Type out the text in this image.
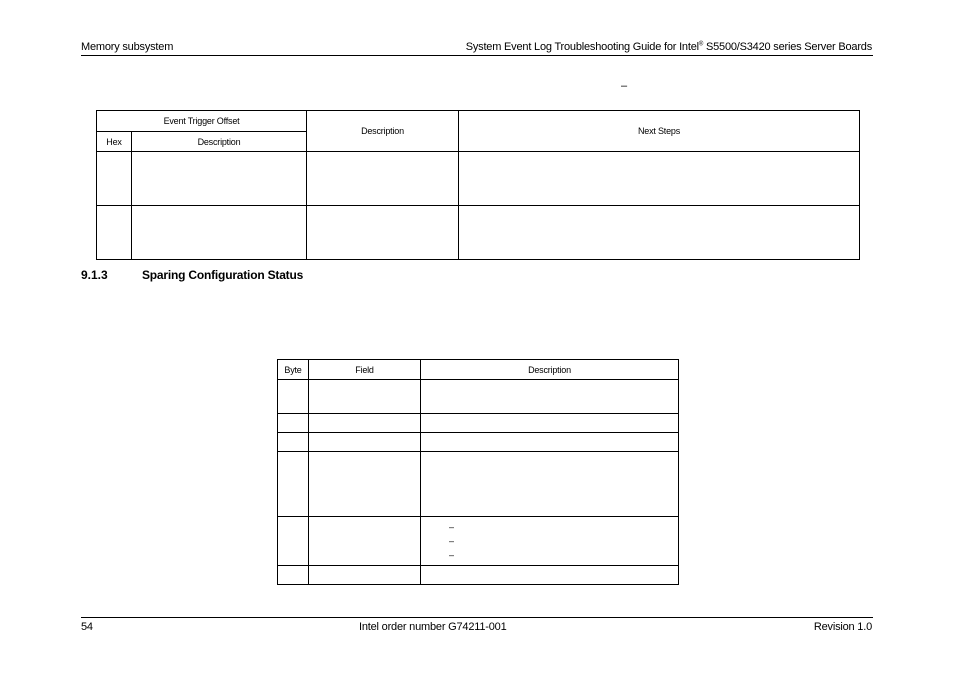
Memory subsystem	System Event Log Troubleshooting Guide for Intel® S5500/S3420 series Server Boards
–
Event Trigger Offset		Description	Next Steps
Hex	Description		

9.1.3	Sparing Configuration Status
Byte	Field	Description

		–
–
–

54	Intel order number G74211-001	Revision 1.0
